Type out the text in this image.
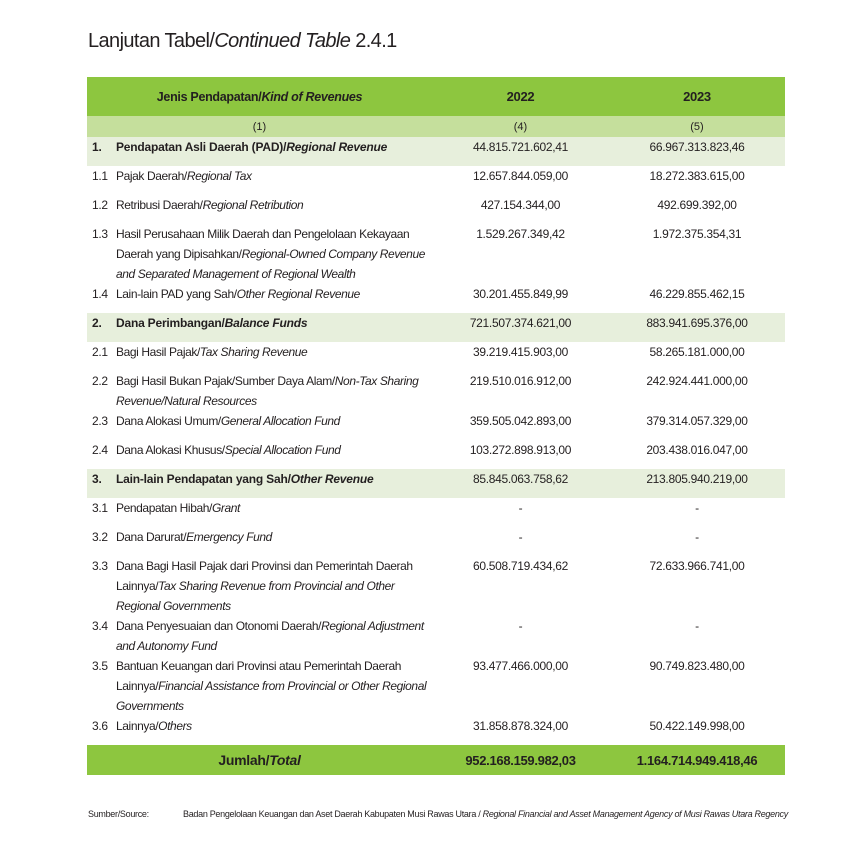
Lanjutan Tabel/Continued Table 2.4.1
Jenis Pendapatan/Kind of Revenues	2022	2023
(1)	(4)	(5)

1. Pendapatan Asli Daerah (PAD)/Regional Revenue	44.815.721.602,41	66.967.313.823,46

1.1 Pajak Daerah/Regional Tax	12.657.844.059,00	18.272.383.615,00

1.2 Retribusi Daerah/Regional Retribution	427.154.344,00	492.699.392,00

1.3 Hasil Perusahaan Milik Daerah dan Pengelolaan Kekayaan Daerah yang Dipisahkan/Regional-Owned Company Revenue and Separated Management of Regional Wealth	1.529.267.349,42	1.972.375.354,31

1.4 Lain-lain PAD yang Sah/Other Regional Revenue	30.201.455.849,99	46.229.855.462,15

2. Dana Perimbangan/Balance Funds	721.507.374.621,00	883.941.695.376,00

2.1 Bagi Hasil Pajak/Tax Sharing Revenue	39.219.415.903,00	58.265.181.000,00

2.2 Bagi Hasil Bukan Pajak/Sumber Daya Alam/Non-Tax Sharing Revenue/Natural Resources	219.510.016.912,00	242.924.441.000,00

2.3 Dana Alokasi Umum/General Allocation Fund	359.505.042.893,00	379.314.057.329,00

2.4 Dana Alokasi Khusus/Special Allocation Fund	103.272.898.913,00	203.438.016.047,00

3. Lain-lain Pendapatan yang Sah/Other Revenue	85.845.063.758,62	213.805.940.219,00

3.1 Pendapatan Hibah/Grant	-	-

3.2 Dana Darurat/Emergency Fund	-	-

3.3 Dana Bagi Hasil Pajak dari Provinsi dan Pemerintah Daerah Lainnya/Tax Sharing Revenue from Provincial and Other Regional Governments	60.508.719.434,62	72.633.966.741,00

3.4 Dana Penyesuaian dan Otonomi Daerah/Regional Adjustment and Autonomy Fund	-	-

3.5 Bantuan Keuangan dari Provinsi atau Pemerintah Daerah Lainnya/Financial Assistance from Provincial or Other Regional Governments	93.477.466.000,00	90.749.823.480,00

3.6 Lainnya/Others	31.858.878.324,00	50.422.149.998,00
Jumlah/Total	952.168.159.982,03	1.164.714.949.418,46
Sumber/Source:	Badan Pengelolaan Keuangan dan Aset Daerah Kabupaten Musi Rawas Utara / Regional Financial and Asset Management Agency of Musi Rawas Utara Regency
